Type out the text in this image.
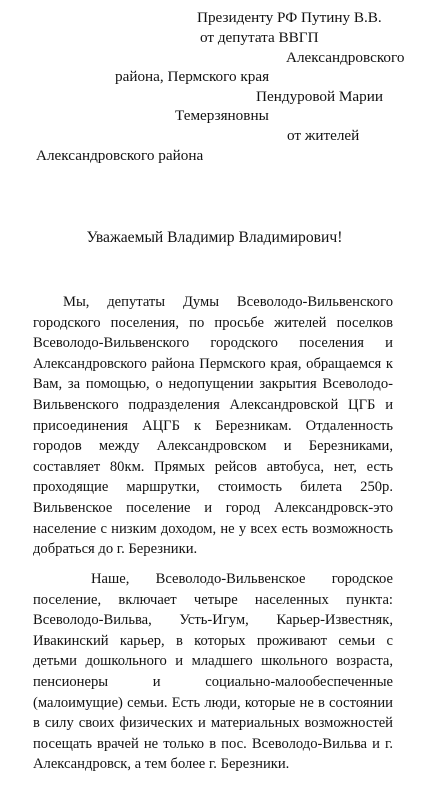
Президенту РФ Путину В.В.

от депутата ВВГП

Александровского

района, Пермского края

Пендуровой Марии

Темерзяновны

от жителей

Александровского района

Уважаемый Владимир Владимирович!

Мы, депутаты Думы Всеволодо-Вильвенского городского поселения, по просьбе жителей поселков Всеволодо-Вильвенского городского поселения и Александровского района Пермского края, обращаемся к Вам, за помощью, о недопущении закрытия Всеволодо-Вильвенского подразделения Александровской ЦГБ и присоединения АЦГБ к Березникам. Отдаленность городов между Александровском и Березниками, составляет 80км. Прямых рейсов автобуса, нет, есть проходящие маршрутки, стоимость билета 250р. Вильвенское поселение и город Александровск-это население с низким доходом, не у всех есть возможность добраться до г. Березники.

Наше, Всеволодо-Вильвенское городское поселение, включает четыре населенных пункта: Всеволодо-Вильва, Усть-Игум, Карьер-Известняк, Ивакинский карьер, в которых проживают семьи с детьми дошкольного и младшего школьного возраста, пенсионеры и социально-малообеспеченные (малоимущие) семьи. Есть люди, которые не в состоянии в силу своих физических и материальных возможностей посещать врачей не только в пос. Всеволодо-Вильва и г. Александровск, а тем более г. Березники.
